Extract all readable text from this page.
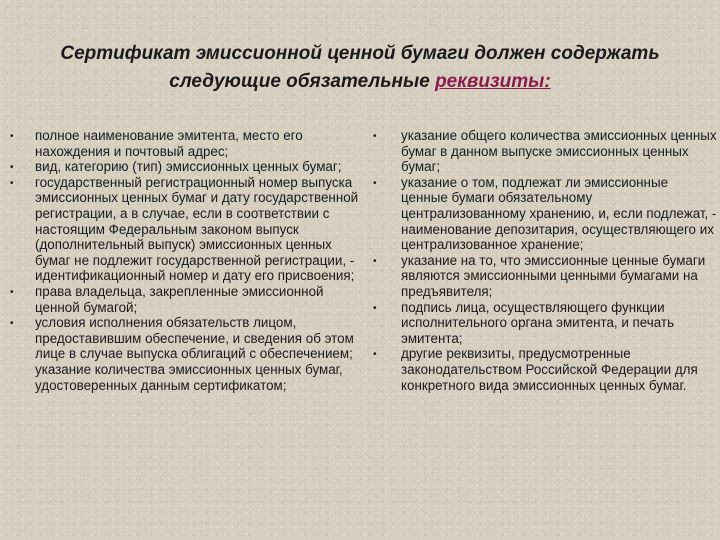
Сертификат эмиссионной ценной бумаги должен содержать
следующие обязательные реквизиты:
•	полное наименование эмитента, место его нахождения и почтовый адрес;
•	вид, категорию (тип) эмиссионных ценных бумаг;
•	государственный регистрационный номер выпуска эмиссионных ценных бумаг и дату государственной регистрации, а в случае, если в соответствии с настоящим Федеральным законом выпуск (дополнительный выпуск) эмиссионных ценных бумаг не подлежит государственной регистрации, - идентификационный номер и дату его присвоения;
•	права владельца, закрепленные эмиссионной ценной бумагой;
•	условия исполнения обязательств лицом, предоставившим обеспечение, и сведения об этом лице в случае выпуска облигаций с обеспечением; указание количества эмиссионных ценных бумаг, удостоверенных данным сертификатом;
•	указание общего количества эмиссионных ценных бумаг в данном выпуске эмиссионных ценных бумаг;
•	указание о том, подлежат ли эмиссионные ценные бумаги обязательному централизованному хранению, и, если подлежат, - наименование депозитария, осуществляющего их централизованное хранение;
•	указание на то, что эмиссионные ценные бумаги являются эмиссионными ценными бумагами на предъявителя;
•	подпись лица, осуществляющего функции исполнительного органа эмитента, и печать эмитента;
•	другие реквизиты, предусмотренные законодательством Российской Федерации для конкретного вида эмиссионных ценных бумаг.
